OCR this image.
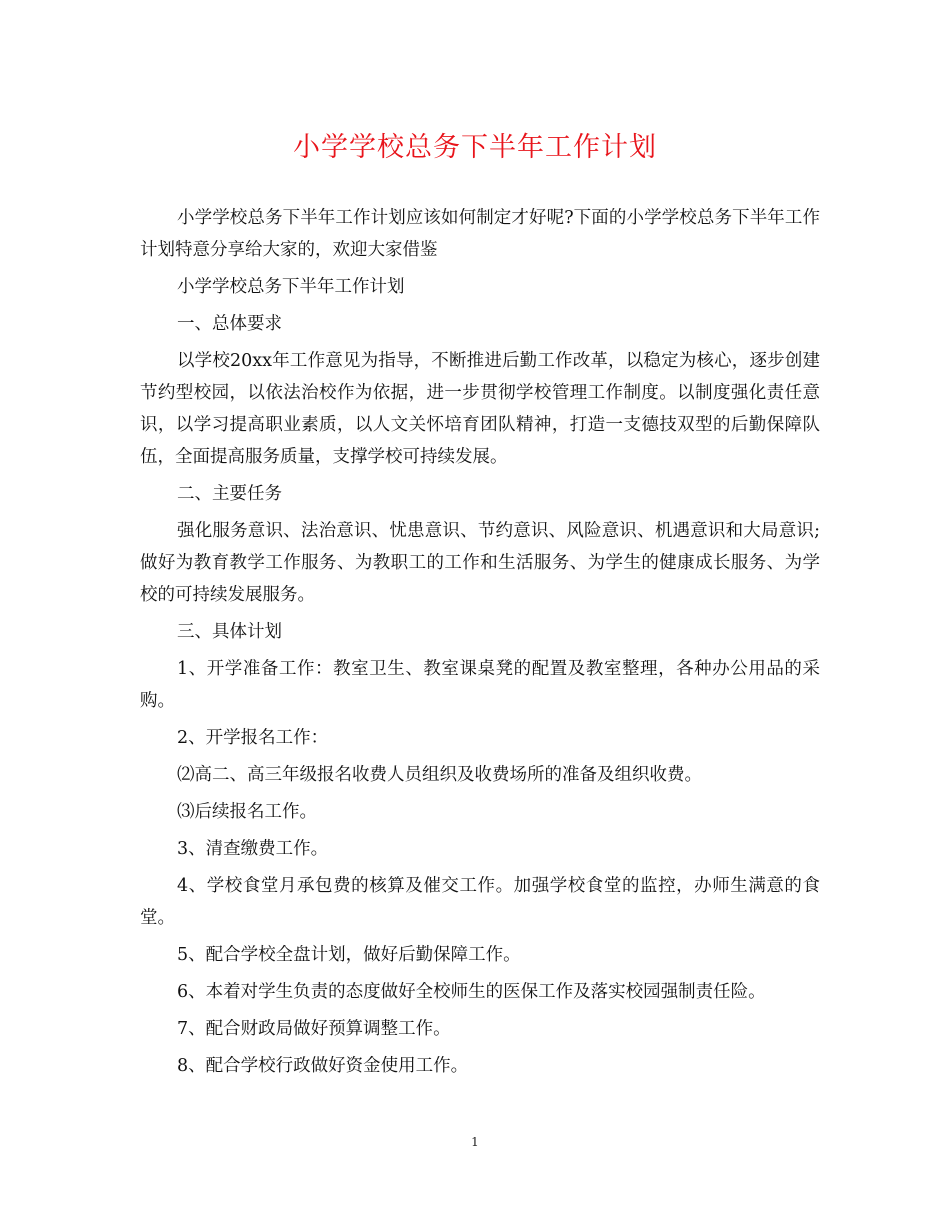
小学学校总务下半年工作计划

小学学校总务下半年工作计划应该如何制定才好呢?下面的小学学校总务下半年工作计划特意分享给大家的，欢迎大家借鉴

小学学校总务下半年工作计划

一、总体要求

以学校20xx年工作意见为指导，不断推进后勤工作改革，以稳定为核心，逐步创建节约型校园，以依法治校作为依据，进一步贯彻学校管理工作制度。以制度强化责任意识，以学习提高职业素质，以人文关怀培育团队精神，打造一支德技双型的后勤保障队伍，全面提高服务质量，支撑学校可持续发展。

二、主要任务

强化服务意识、法治意识、忧患意识、节约意识、风险意识、机遇意识和大局意识;做好为教育教学工作服务、为教职工的工作和生活服务、为学生的健康成长服务、为学校的可持续发展服务。

三、具体计划

1、开学准备工作：教室卫生、教室课桌凳的配置及教室整理，各种办公用品的采购。

2、开学报名工作：

⑵高二、高三年级报名收费人员组织及收费场所的准备及组织收费。

⑶后续报名工作。

3、清查缴费工作。

4、学校食堂月承包费的核算及催交工作。加强学校食堂的监控，办师生满意的食堂。

5、配合学校全盘计划，做好后勤保障工作。

6、本着对学生负责的态度做好全校师生的医保工作及落实校园强制责任险。

7、配合财政局做好预算调整工作。

8、配合学校行政做好资金使用工作。

1
